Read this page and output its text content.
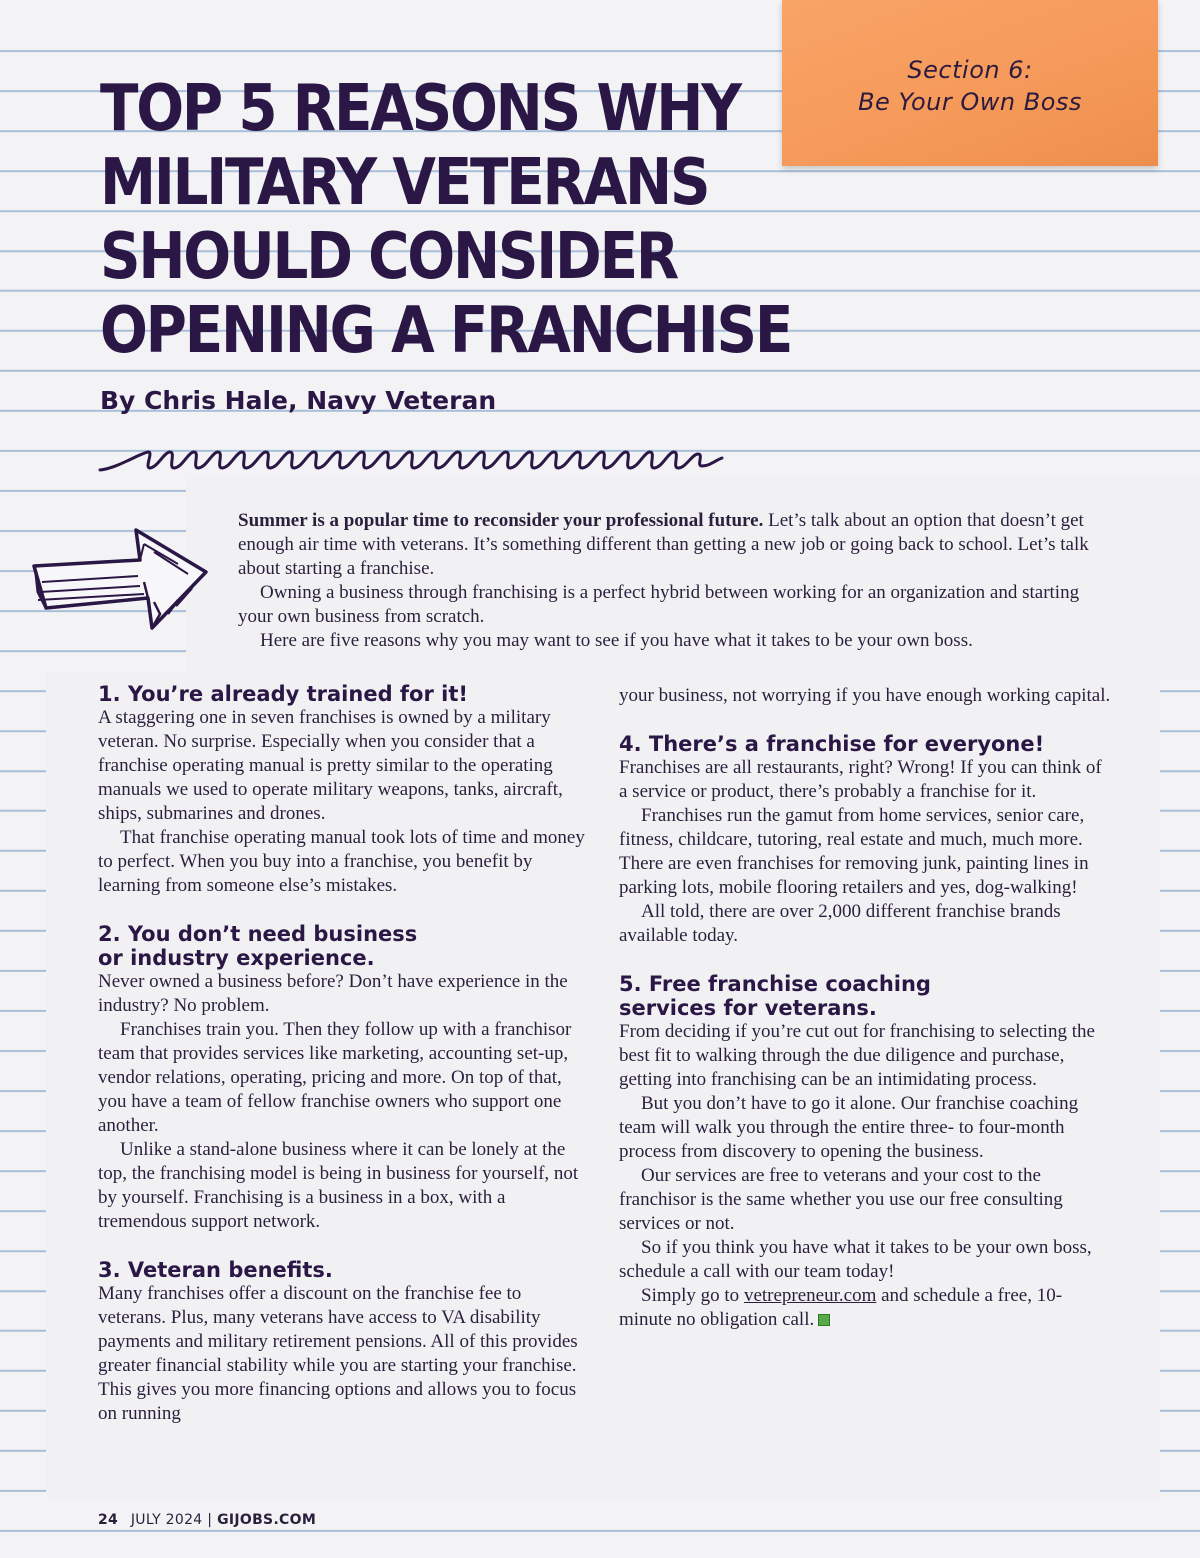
Section 6:
Be Your Own Boss
TOP 5 REASONS WHY
MILITARY VETERANS
SHOULD CONSIDER
OPENING A FRANCHISE
By Chris Hale, Navy Veteran

Summer is a popular time to reconsider your professional future. Let’s talk about an option that doesn’t get enough air time with veterans. It’s something different than getting a new job or going back to school. Let’s talk about starting a franchise.

Owning a business through franchising is a perfect hybrid between working for an organization and starting your own business from scratch.

Here are five reasons why you may want to see if you have what it takes to be your own boss.

1. You’re already trained for it!

A staggering one in seven franchises is owned by a military veteran. No surprise. Especially when you consider that a franchise operating manual is pretty similar to the operating manuals we used to operate military weapons, tanks, aircraft, ships, submarines and drones.

That franchise operating manual took lots of time and money to perfect. When you buy into a franchise, you benefit by learning from someone else’s mistakes.

2. You don’t need business
or industry experience.

Never owned a business before? Don’t have experience in the industry? No problem.

Franchises train you. Then they follow up with a franchisor team that provides services like marketing, accounting set-up, vendor relations, operating, pricing and more. On top of that, you have a team of fellow franchise owners who support one another.

Unlike a stand-alone business where it can be lonely at the top, the franchising model is being in business for yourself, not by yourself. Franchising is a business in a box, with a tremendous support network.

3. Veteran benefits.

Many franchises offer a discount on the franchise fee to veterans. Plus, many veterans have access to VA disability payments and military retirement pensions. All of this provides greater financial stability while you are starting your franchise. This gives you more financing options and allows you to focus on running

your business, not worrying if you have enough working capital.

4. There’s a franchise for everyone!

Franchises are all restaurants, right? Wrong! If you can think of a service or product, there’s probably a franchise for it.

Franchises run the gamut from home services, senior care, fitness, childcare, tutoring, real estate and much, much more. There are even franchises for removing junk, painting lines in parking lots, mobile flooring retailers and yes, dog-walking!

All told, there are over 2,000 different franchise brands available today.

5. Free franchise coaching
services for veterans.

From deciding if you’re cut out for franchising to selecting the best fit to walking through the due diligence and purchase, getting into franchising can be an intimidating process.

But you don’t have to go it alone. Our franchise coaching team will walk you through the entire three- to four-month process from discovery to opening the business.

Our services are free to veterans and your cost to the franchisor is the same whether you use our free consulting services or not.

So if you think you have what it takes to be your own boss, schedule a call with our team today!

Simply go to vetrepreneur.com and schedule a free, 10-minute no obligation call.

24 JULY 2024 | GIJOBS.COM
